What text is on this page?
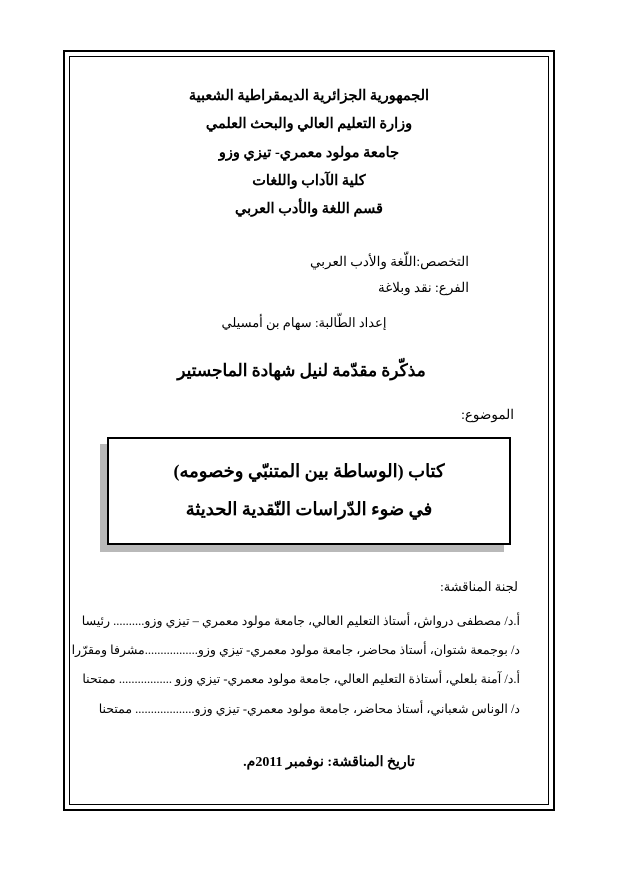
الجمهورية الجزائرية الديمقراطية الشعبية
وزارة التعليم العالي والبحث العلمي
جامعة مولود معمري- تيزي وزو
كلية الآداب واللغات
قسم اللغة والأدب العربي
التخصص:اللّغة والأدب العربي
الفرع: نقد وبلاغة
إعداد الطّالبة: سهام بن أمسيلي
مذكّرة مقدّمة لنيل شهادة الماجستير
الموضوع:
كتاب (الوساطة بين المتنبّي وخصومه)
في ضوء الدّراسات النّقدية الحديثة
لجنة المناقشة:
أ.د/ مصطفى درواش، أستاذ التعليم العالي، جامعة مولود معمري – تيزي وزو.......... رئيسا
د/ بوجمعة شتوان، أستاذ محاضر، جامعة مولود معمري- تيزي وزو.................مشرفا ومقرّرا
أ.د/ آمنة بلعلي، أستاذة التعليم العالي، جامعة مولود معمري- تيزي وزو ................. ممتحنا
د/ الوناس شعباني، أستاذ محاضر، جامعة مولود معمري- تيزي وزو................... ممتحنا
تاريخ المناقشة: نوفمبر 2011م.
